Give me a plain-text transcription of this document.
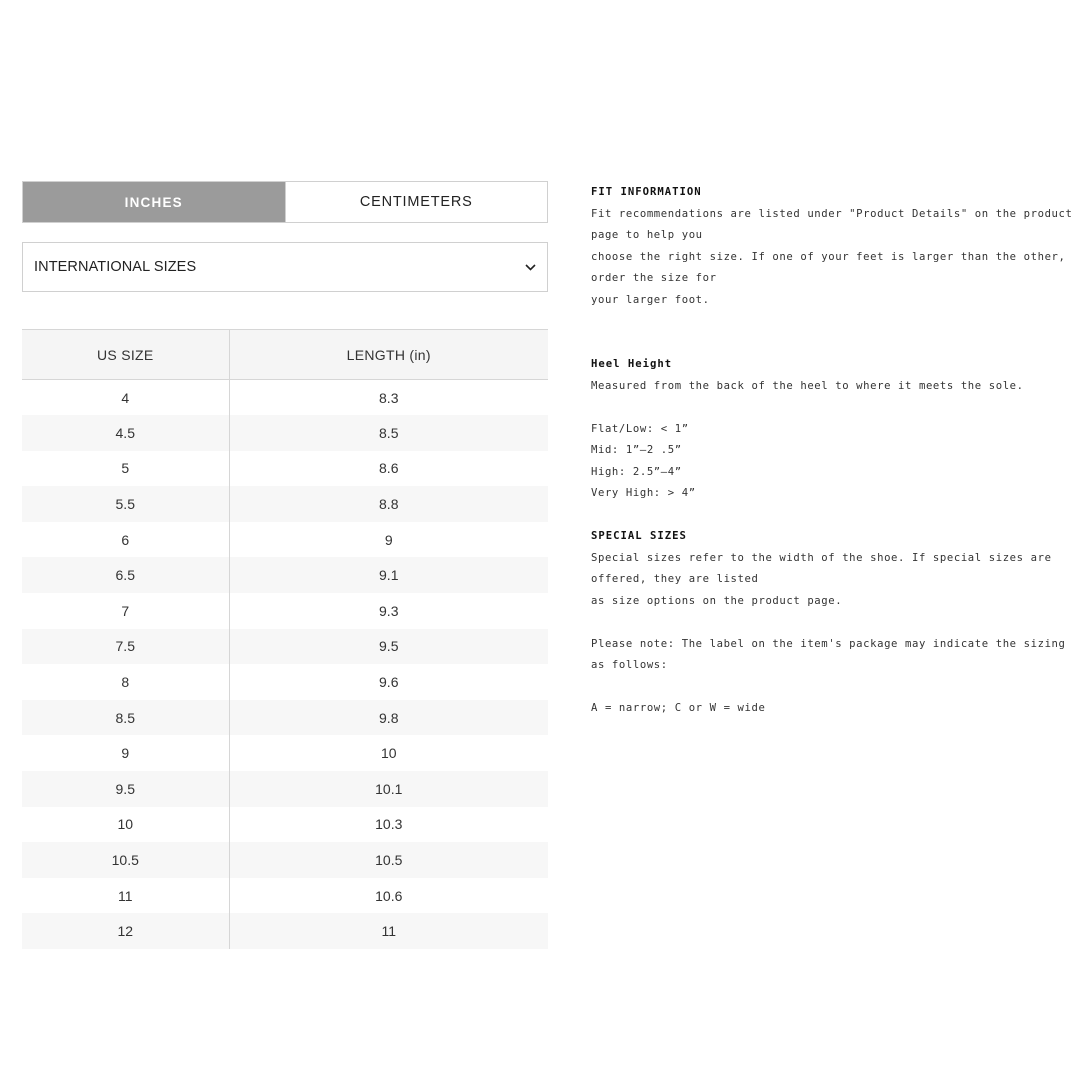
INCHES	CENTIMETERS
INTERNATIONAL SIZES
US SIZE	LENGTH (in)
4	8.3
4.5	8.5
5	8.6
5.5	8.8
6	9
6.5	9.1
7	9.3
7.5	9.5
8	9.6
8.5	9.8
9	10
9.5	10.1
10	10.3
10.5	10.5
11	10.6
12	11
FIT INFORMATION
Fit recommendations are listed under "Product Details" on the product page to help you
choose the right size. If one of your feet is larger than the other, order the size for
your larger foot.
Heel Height
Measured from the back of the heel to where it meets the sole.
Flat/Low: < 1”
Mid: 1”–2 .5”
High: 2.5”–4”
Very High: > 4”
SPECIAL SIZES
Special sizes refer to the width of the shoe. If special sizes are offered, they are listed
as size options on the product page.
Please note: The label on the item's package may indicate the sizing as follows:
A = narrow; C or W = wide
